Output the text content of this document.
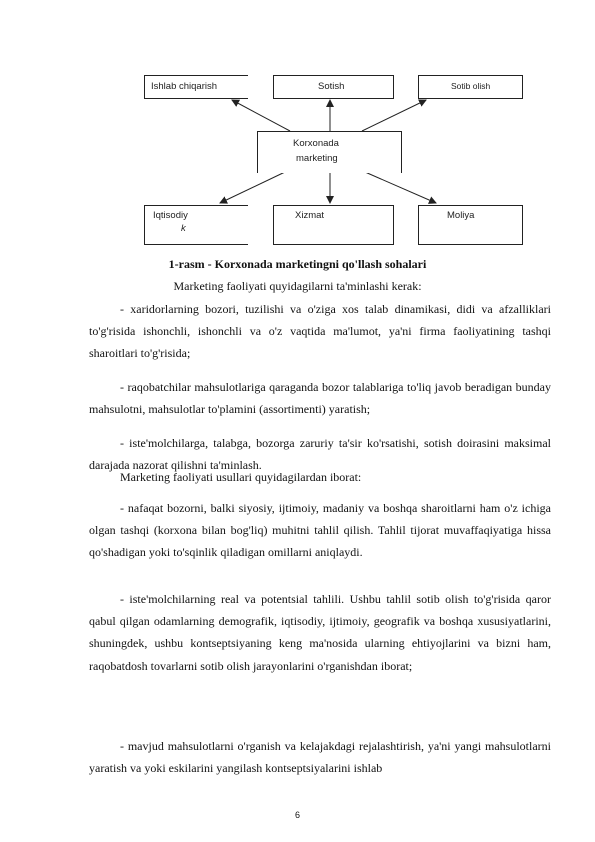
Ishlab chiqarish	Sotish	Sotib olish
Korxonada
marketing
Iqtisodiy
k
Xizmat	Moliya
1-rasm - Korxonada marketingni qo'llash sohalari
Marketing faoliyati quyidagilarni ta'minlashi kerak:

- xaridorlarning bozori, tuzilishi va o'ziga xos talab dinamikasi, didi va afzalliklari to'g'risida ishonchli, ishonchli va o'z vaqtida ma'lumot, ya'ni firma faoliyatining tashqi sharoitlari to'g'risida;

- raqobatchilar mahsulotlariga qaraganda bozor talablariga to'liq javob beradigan bunday mahsulotni, mahsulotlar to'plamini (assortimenti) yaratish;

- iste'molchilarga, talabga, bozorga zaruriy ta'sir ko'rsatishi, sotish doirasini maksimal darajada nazorat qilishni ta'minlash.

Marketing faoliyati usullari quyidagilardan iborat:

- nafaqat bozorni, balki siyosiy, ijtimoiy, madaniy va boshqa sharoitlarni ham o'z ichiga olgan tashqi (korxona bilan bog'liq) muhitni tahlil qilish. Tahlil tijorat muvaffaqiyatiga hissa qo'shadigan yoki to'sqinlik qiladigan omillarni aniqlaydi.

- iste'molchilarning real va potentsial tahlili. Ushbu tahlil sotib olish to'g'risida qaror qabul qilgan odamlarning demografik, iqtisodiy, ijtimoiy, geografik va boshqa xususiyatlarini, shuningdek, ushbu kontseptsiyaning keng ma'nosida ularning ehtiyojlarini va bizni ham, raqobatdosh tovarlarni sotib olish jarayonlarini o'rganishdan iborat;

- mavjud mahsulotlarni o'rganish va kelajakdagi rejalashtirish, ya'ni yangi mahsulotlarni yaratish va yoki eskilarini yangilash kontseptsiyalarini ishlab

6
